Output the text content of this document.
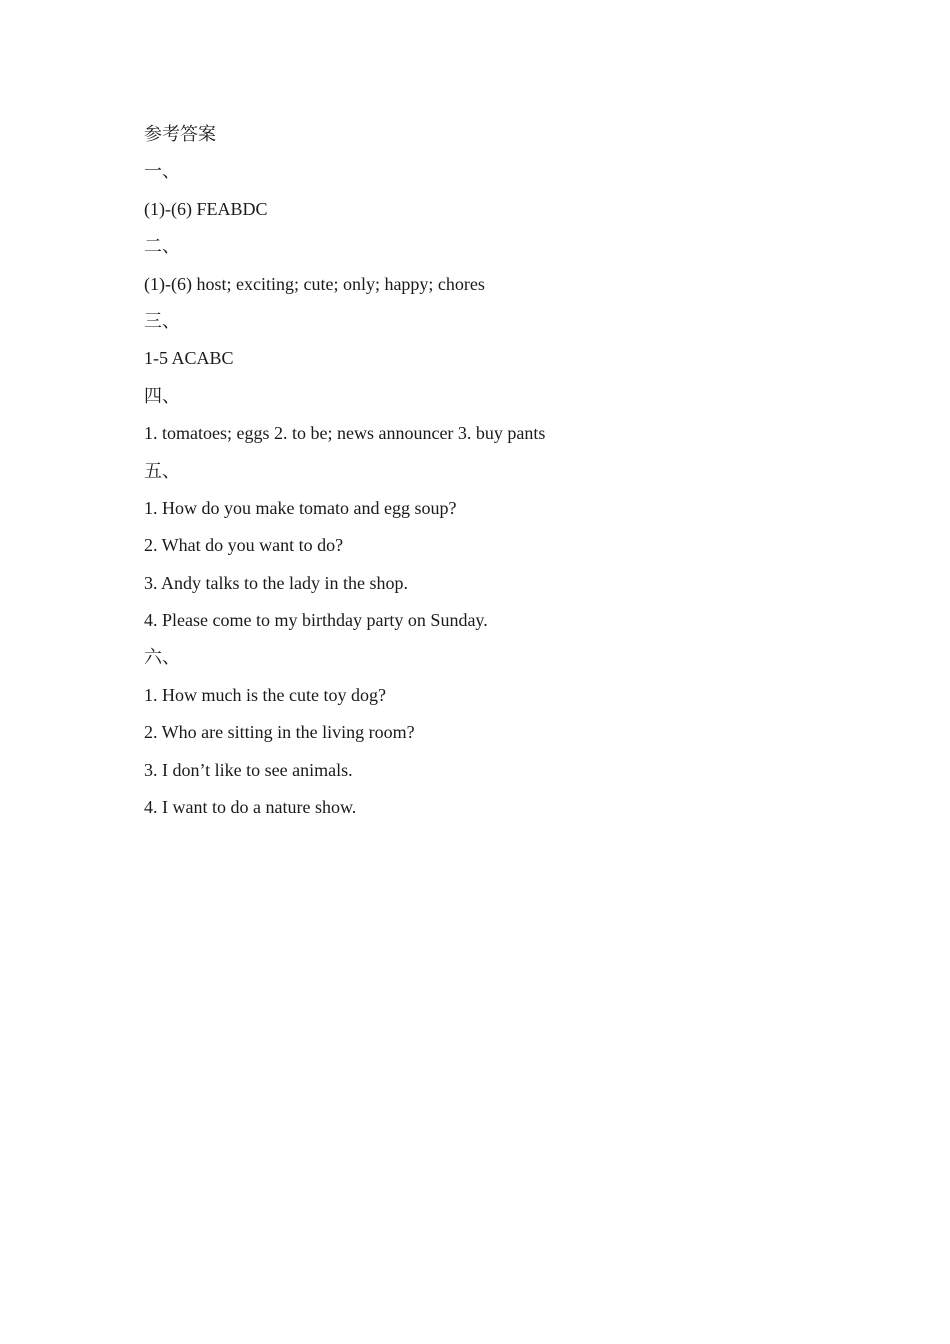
参考答案
一、
(1)-(6) FEABDC
二、
(1)-(6) host; exciting; cute; only; happy; chores
三、
1-5 ACABC
四、
1. tomatoes; eggs 2. to be; news announcer 3. buy pants
五、
1. How do you make tomato and egg soup?
2. What do you want to do?
3. Andy talks to the lady in the shop.
4. Please come to my birthday party on Sunday.
六、
1. How much is the cute toy dog?
2. Who are sitting in the living room?
3. I don’t like to see animals.
4. I want to do a nature show.
